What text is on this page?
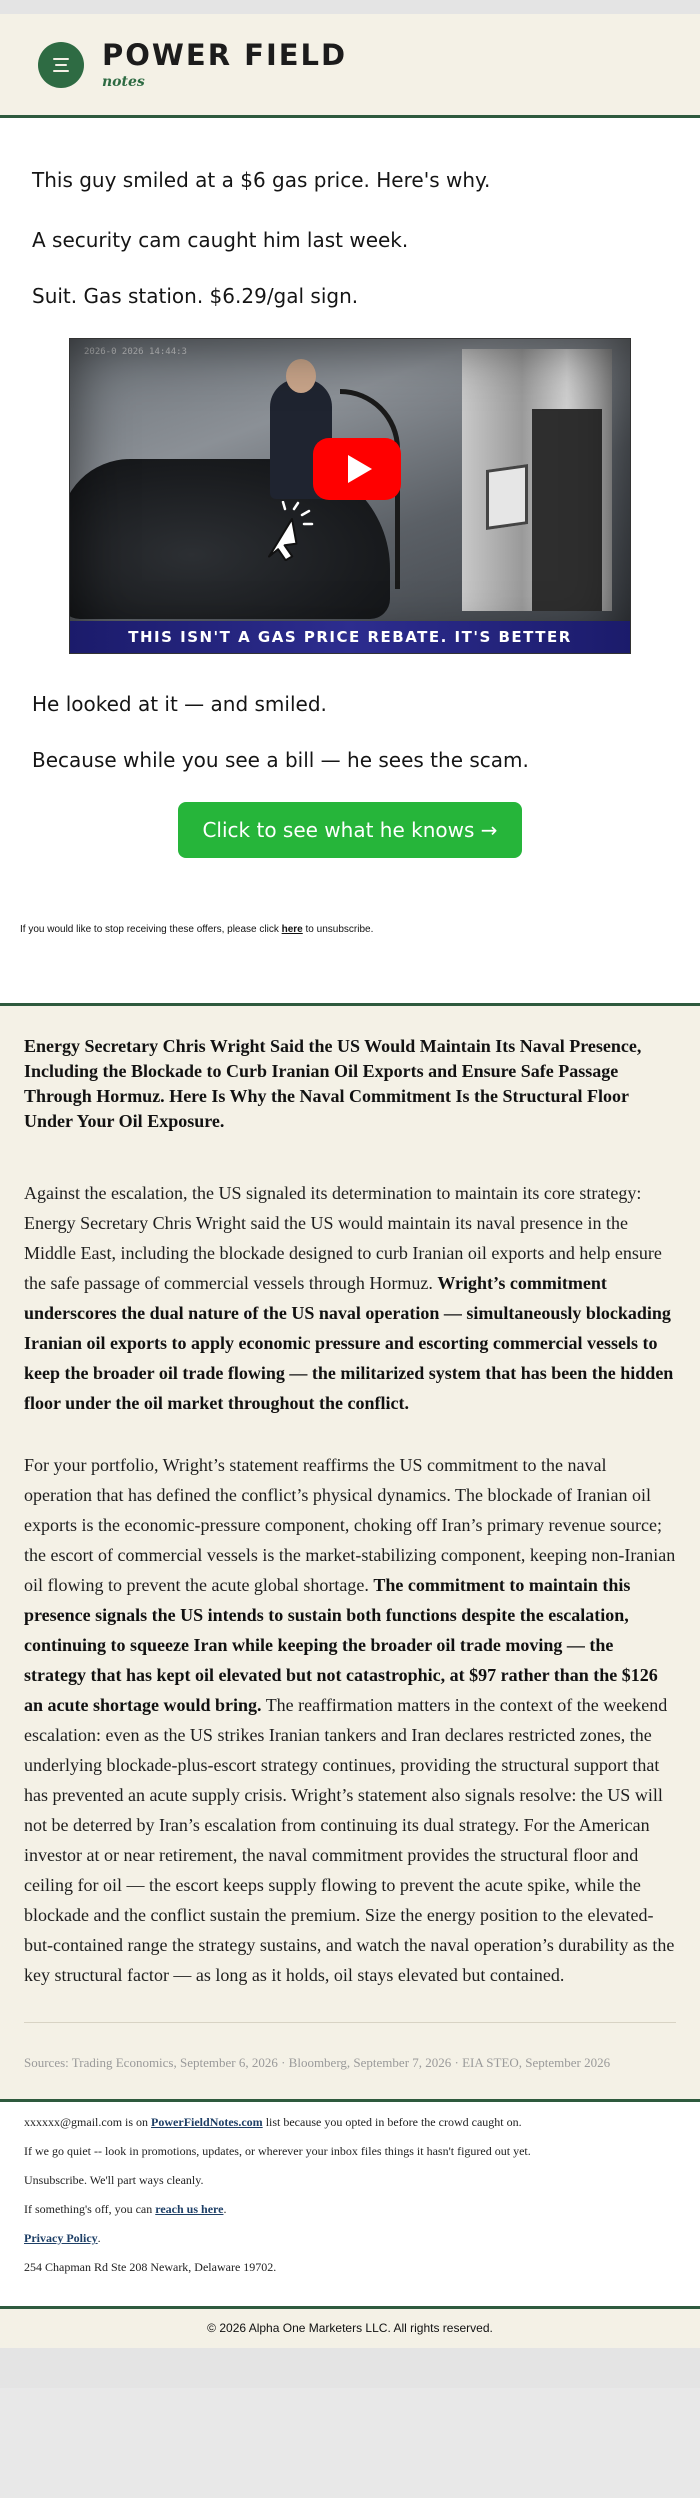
POWER FIELD
notes

This guy smiled at a $6 gas price. Here's why.

A security cam caught him last week.

Suit. Gas station. $6.29/gal sign.

2026-0 2026 14:44:3
THIS ISN'T A GAS PRICE REBATE. IT'S BETTER

He looked at it — and smiled.

Because while you see a bill — he sees the scam.

Click to see what he knows →
If you would like to stop receiving these offers, please click here to unsubscribe.
Energy Secretary Chris Wright Said the US Would Maintain Its Naval Presence, Including the Blockade to Curb Iranian Oil Exports and Ensure Safe Passage Through Hormuz. Here Is Why the Naval Commitment Is the Structural Floor Under Your Oil Exposure.

Against the escalation, the US signaled its determination to maintain its core strategy: Energy Secretary Chris Wright said the US would maintain its naval presence in the Middle East, including the blockade designed to curb Iranian oil exports and help ensure the safe passage of commercial vessels through Hormuz. Wright’s commitment underscores the dual nature of the US naval operation — simultaneously blockading Iranian oil exports to apply economic pressure and escorting commercial vessels to keep the broader oil trade flowing — the militarized system that has been the hidden floor under the oil market throughout the conflict.

For your portfolio, Wright’s statement reaffirms the US commitment to the naval operation that has defined the conflict’s physical dynamics. The blockade of Iranian oil exports is the economic-pressure component, choking off Iran’s primary revenue source; the escort of commercial vessels is the market-stabilizing component, keeping non-Iranian oil flowing to prevent the acute global shortage. The commitment to maintain this presence signals the US intends to sustain both functions despite the escalation, continuing to squeeze Iran while keeping the broader oil trade moving — the strategy that has kept oil elevated but not catastrophic, at $97 rather than the $126 an acute shortage would bring. The reaffirmation matters in the context of the weekend escalation: even as the US strikes Iranian tankers and Iran declares restricted zones, the underlying blockade-plus-escort strategy continues, providing the structural support that has prevented an acute supply crisis. Wright’s statement also signals resolve: the US will not be deterred by Iran’s escalation from continuing its dual strategy. For the American investor at or near retirement, the naval commitment provides the structural floor and ceiling for oil — the escort keeps supply flowing to prevent the acute spike, while the blockade and the conflict sustain the premium. Size the energy position to the elevated-but-contained range the strategy sustains, and watch the naval operation’s durability as the key structural factor — as long as it holds, oil stays elevated but contained.

Sources: Trading Economics, September 6, 2026 · Bloomberg, September 7, 2026 · EIA STEO, September 2026

xxxxxx@gmail.com is on PowerFieldNotes.com list because you opted in before the crowd caught on.

If we go quiet -- look in promotions, updates, or wherever your inbox files things it hasn't figured out yet.

Unsubscribe. We'll part ways cleanly.

If something's off, you can reach us here.

Privacy Policy.

254 Chapman Rd Ste 208 Newark, Delaware 19702.

© 2026 Alpha One Marketers LLC. All rights reserved.
